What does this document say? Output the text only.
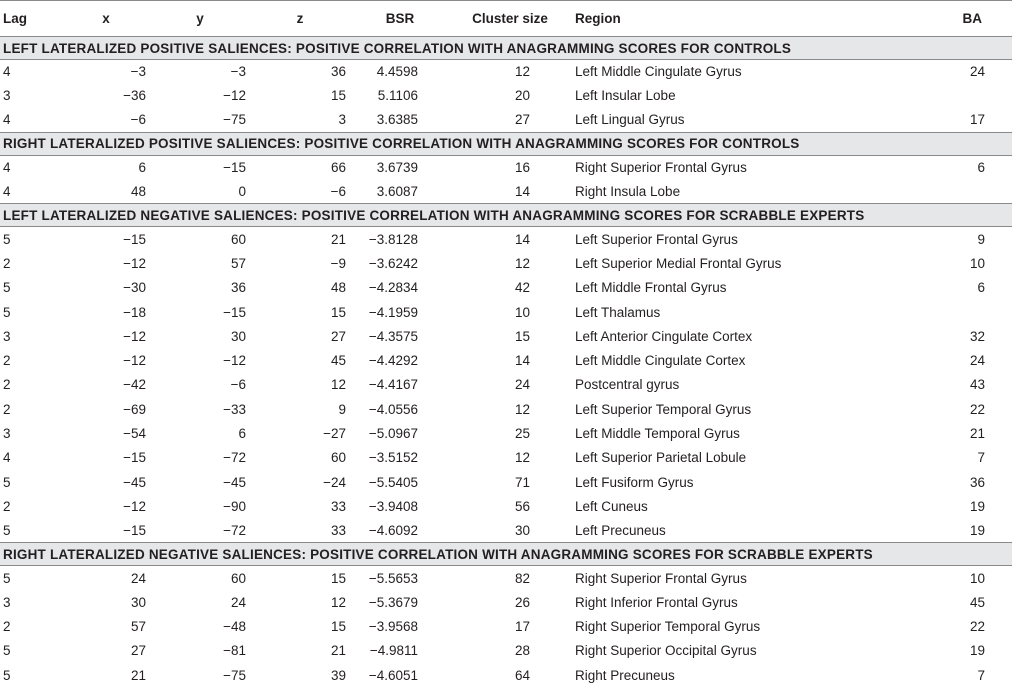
Lag	x	y	z	BSR	Cluster size	Region	BA
LEFT LATERALIZED POSITIVE SALIENCES: POSITIVE CORRELATION WITH ANAGRAMMING SCORES FOR CONTROLS							
4	−3	−3	36	4.4598	12	Left Middle Cingulate Gyrus	24
3	−36	−12	15	5.1106	20	Left Insular Lobe	
4	−6	−75	3	3.6385	27	Left Lingual Gyrus	17
RIGHT LATERALIZED POSITIVE SALIENCES: POSITIVE CORRELATION WITH ANAGRAMMING SCORES FOR CONTROLS							
4	6	−15	66	3.6739	16	Right Superior Frontal Gyrus	6
4	48	0	−6	3.6087	14	Right Insula Lobe	
LEFT LATERALIZED NEGATIVE SALIENCES: POSITIVE CORRELATION WITH ANAGRAMMING SCORES FOR SCRABBLE EXPERTS							
5	−15	60	21	−3.8128	14	Left Superior Frontal Gyrus	9
2	−12	57	−9	−3.6242	12	Left Superior Medial Frontal Gyrus	10
5	−30	36	48	−4.2834	42	Left Middle Frontal Gyrus	6
5	−18	−15	15	−4.1959	10	Left Thalamus	
3	−12	30	27	−4.3575	15	Left Anterior Cingulate Cortex	32
2	−12	−12	45	−4.4292	14	Left Middle Cingulate Cortex	24
2	−42	−6	12	−4.4167	24	Postcentral gyrus	43
2	−69	−33	9	−4.0556	12	Left Superior Temporal Gyrus	22
3	−54	6	−27	−5.0967	25	Left Middle Temporal Gyrus	21
4	−15	−72	60	−3.5152	12	Left Superior Parietal Lobule	7
5	−45	−45	−24	−5.5405	71	Left Fusiform Gyrus	36
2	−12	−90	33	−3.9408	56	Left Cuneus	19
5	−15	−72	33	−4.6092	30	Left Precuneus	19
RIGHT LATERALIZED NEGATIVE SALIENCES: POSITIVE CORRELATION WITH ANAGRAMMING SCORES FOR SCRABBLE EXPERTS							
5	24	60	15	−5.5653	82	Right Superior Frontal Gyrus	10
3	30	24	12	−5.3679	26	Right Inferior Frontal Gyrus	45
2	57	−48	15	−3.9568	17	Right Superior Temporal Gyrus	22
5	27	−81	21	−4.9811	28	Right Superior Occipital Gyrus	19
5	21	−75	39	−4.6051	64	Right Precuneus	7
